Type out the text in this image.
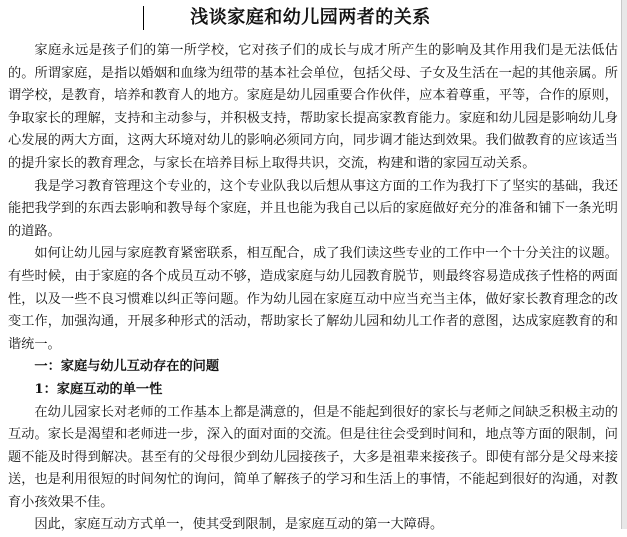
浅谈家庭和幼儿园两者的关系

家庭永远是孩子们的第一所学校，它对孩子们的成长与成才所产生的影响及其作用我们是无法低估的。所谓家庭，是指以婚姻和血缘为纽带的基本社会单位，包括父母、子女及生活在一起的其他亲属。所谓学校，是教育，培养和教育人的地方。家庭是幼儿园重要合作伙伴，应本着尊重，平等，合作的原则，争取家长的理解，支持和主动参与，并积极支持，帮助家长提高家教育能力。家庭和幼儿园是影响幼儿身心发展的两大方面，这两大环境对幼儿的影响必须同方向，同步调才能达到效果。我们做教育的应该适当的提升家长的教育理念，与家长在培养目标上取得共识，交流，构建和谐的家园互动关系。

我是学习教育管理这个专业的，这个专业队我以后想从事这方面的工作为我打下了坚实的基础，我还能把我学到的东西去影响和教导每个家庭，并且也能为我自己以后的家庭做好充分的准备和铺下一条光明的道路。

如何让幼儿园与家庭教育紧密联系，相互配合，成了我们读这些专业的工作中一个十分关注的议题。有些时候，由于家庭的各个成员互动不够，造成家庭与幼儿园教育脱节，则最终容易造成孩子性格的两面性，以及一些不良习惯难以纠正等问题。作为幼儿园在家庭互动中应当充当主体，做好家长教育理念的改变工作，加强沟通，开展多种形式的活动，帮助家长了解幼儿园和幼儿工作者的意图，达成家庭教育的和谐统一。

一：家庭与幼儿互动存在的问题

1：家庭互动的单一性

在幼儿园家长对老师的工作基本上都是满意的，但是不能起到很好的家长与老师之间缺乏积极主动的互动。家长是渴望和老师进一步，深入的面对面的交流。但是往往会受到时间和，地点等方面的限制，问题不能及时得到解决。甚至有的父母很少到幼儿园接孩子，大多是祖辈来接孩子。即使有部分是父母来接送，也是利用很短的时间匆忙的询问，简单了解孩子的学习和生活上的事情，不能起到很好的沟通，对教育小孩效果不佳。

因此，家庭互动方式单一，使其受到限制，是家庭互动的第一大障碍。
